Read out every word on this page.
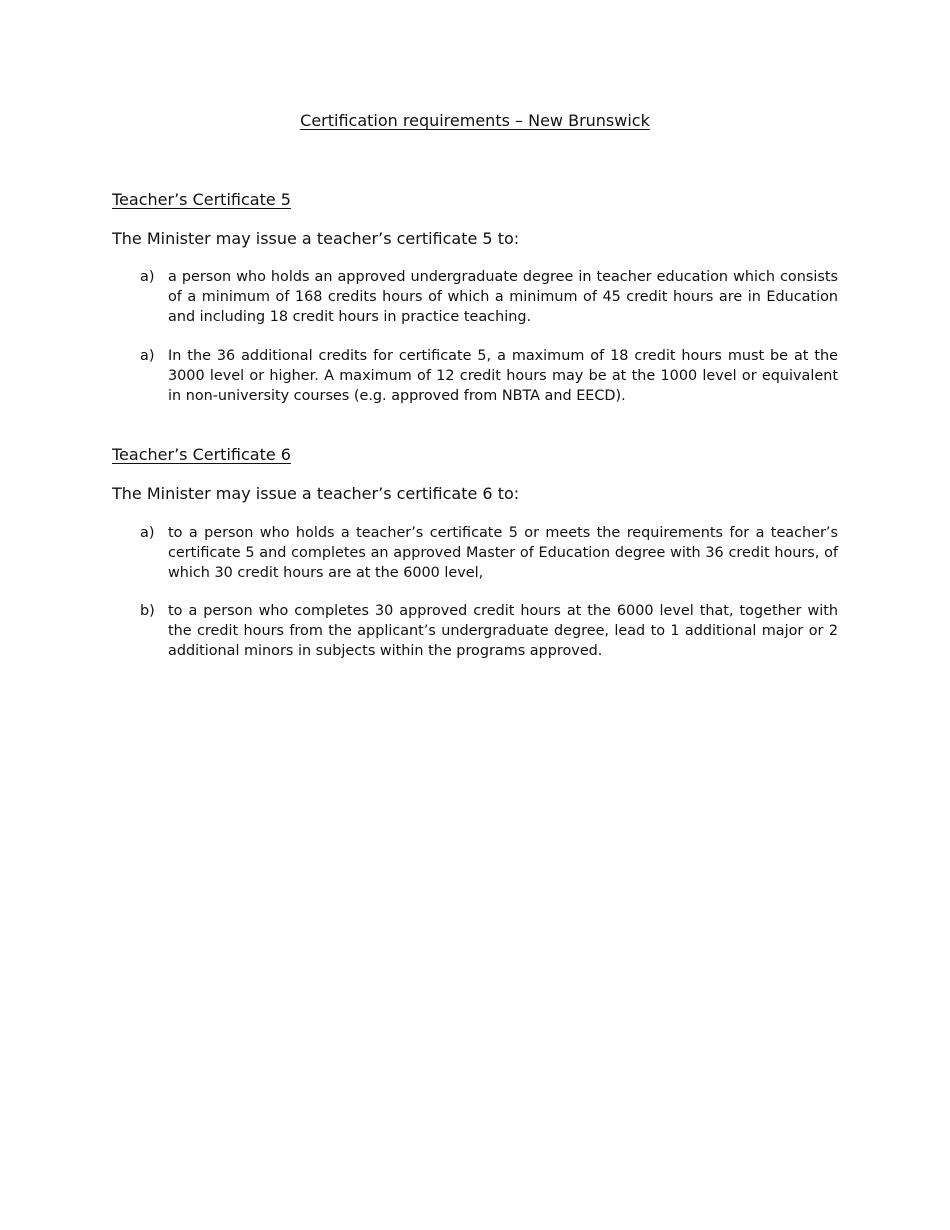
Certification requirements – New Brunswick
Teacher’s Certificate 5

The Minister may issue a teacher’s certificate 5 to:

a) a person who holds an approved undergraduate degree in teacher education which consists of a minimum of 168 credits hours of which a minimum of 45 credit hours are in Education and including 18 credit hours in practice teaching.
a) In the 36 additional credits for certificate 5, a maximum of 18 credit hours must be at the 3000 level or higher. A maximum of 12 credit hours may be at the 1000 level or equivalent in non-university courses (e.g. approved from NBTA and EECD).
Teacher’s Certificate 6

The Minister may issue a teacher’s certificate 6 to:

a) to a person who holds a teacher’s certificate 5 or meets the requirements for a teacher’s certificate 5 and completes an approved Master of Education degree with 36 credit hours, of which 30 credit hours are at the 6000 level,
b) to a person who completes 30 approved credit hours at the 6000 level that, together with the credit hours from the applicant’s undergraduate degree, lead to 1 additional major or 2 additional minors in subjects within the programs approved.
